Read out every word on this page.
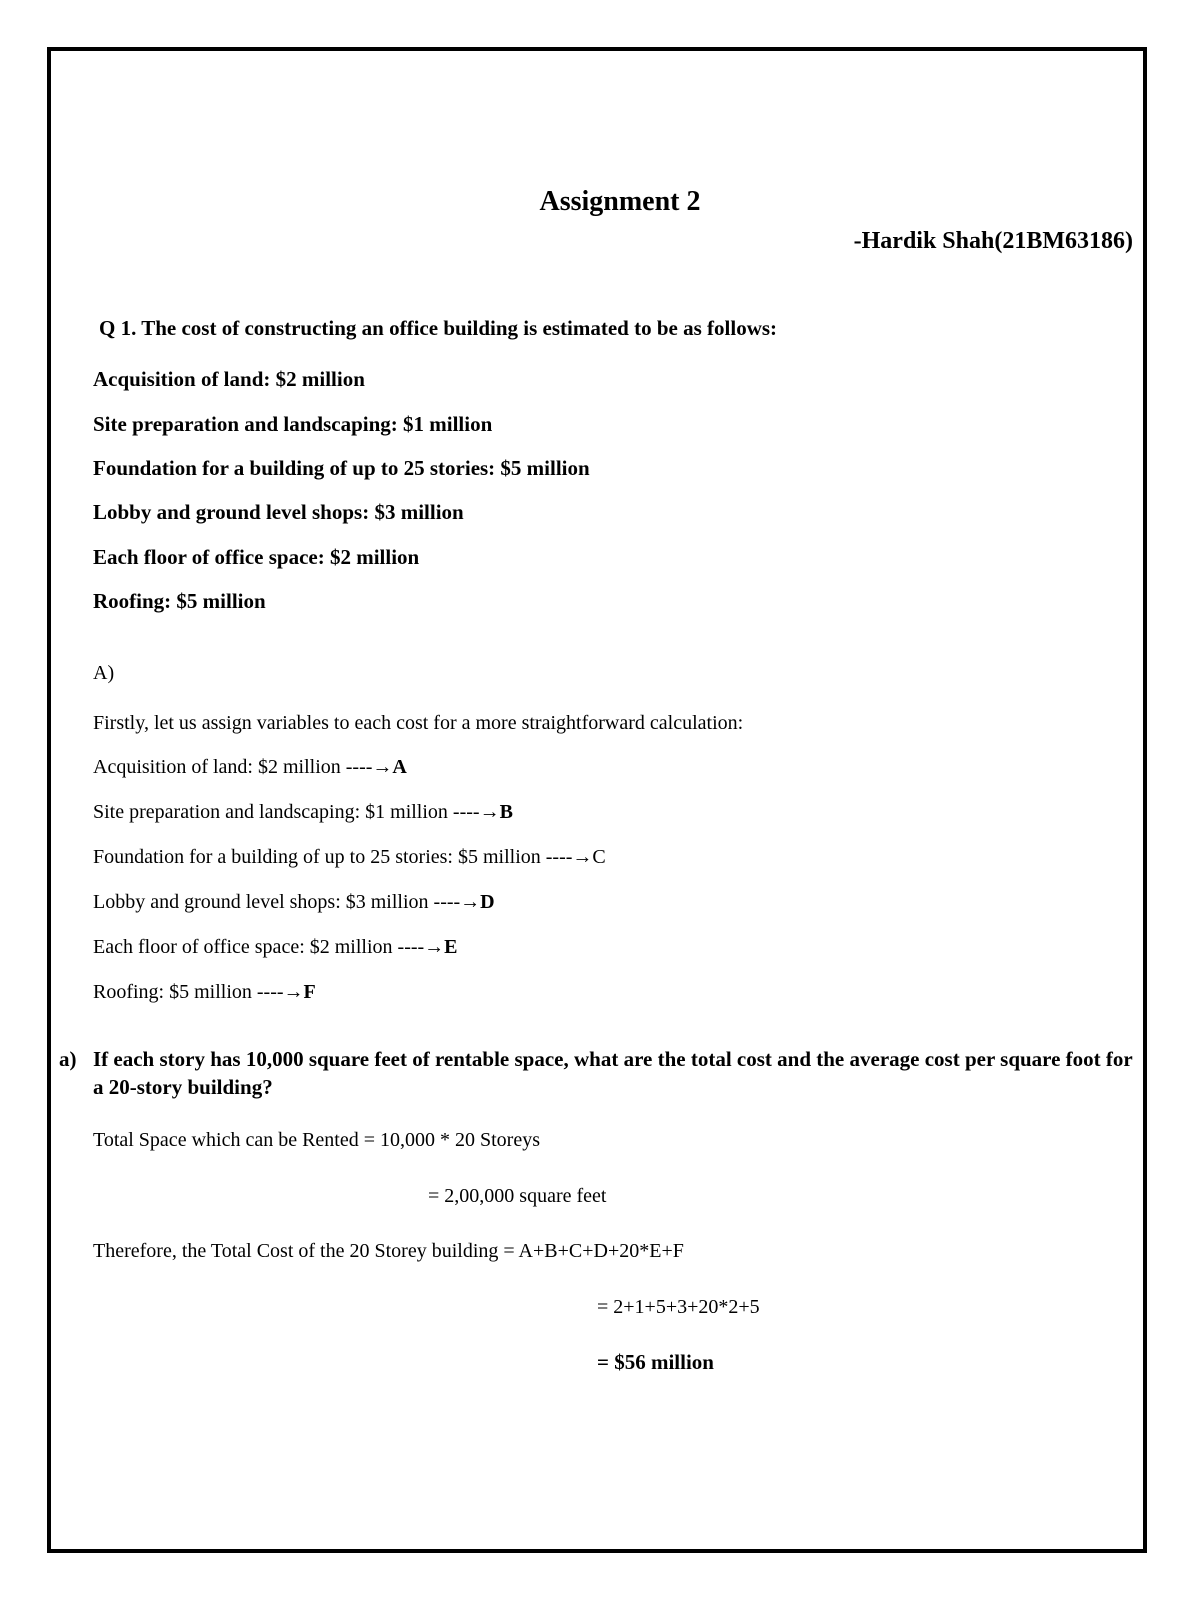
Assignment 2
-Hardik Shah(21BM63186)
Q 1. The cost of constructing an office building is estimated to be as follows:
Acquisition of land: $2 million
Site preparation and landscaping: $1 million
Foundation for a building of up to 25 stories: $5 million
Lobby and ground level shops: $3 million
Each floor of office space: $2 million
Roofing: $5 million
A)
Firstly, let us assign variables to each cost for a more straightforward calculation:
Acquisition of land: $2 million ----→A
Site preparation and landscaping: $1 million ----→B
Foundation for a building of up to 25 stories: $5 million ----→C
Lobby and ground level shops: $3 million ----→D
Each floor of office space: $2 million ----→E
Roofing: $5 million ----→F
a) If each story has 10,000 square feet of rentable space, what are the total cost and the average cost per square foot for a 20-story building?
Total Space which can be Rented = 10,000 * 20 Storeys
= 2,00,000 square feet
Therefore, the Total Cost of the 20 Storey building = A+B+C+D+20*E+F
= 2+1+5+3+20*2+5
= $56 million
